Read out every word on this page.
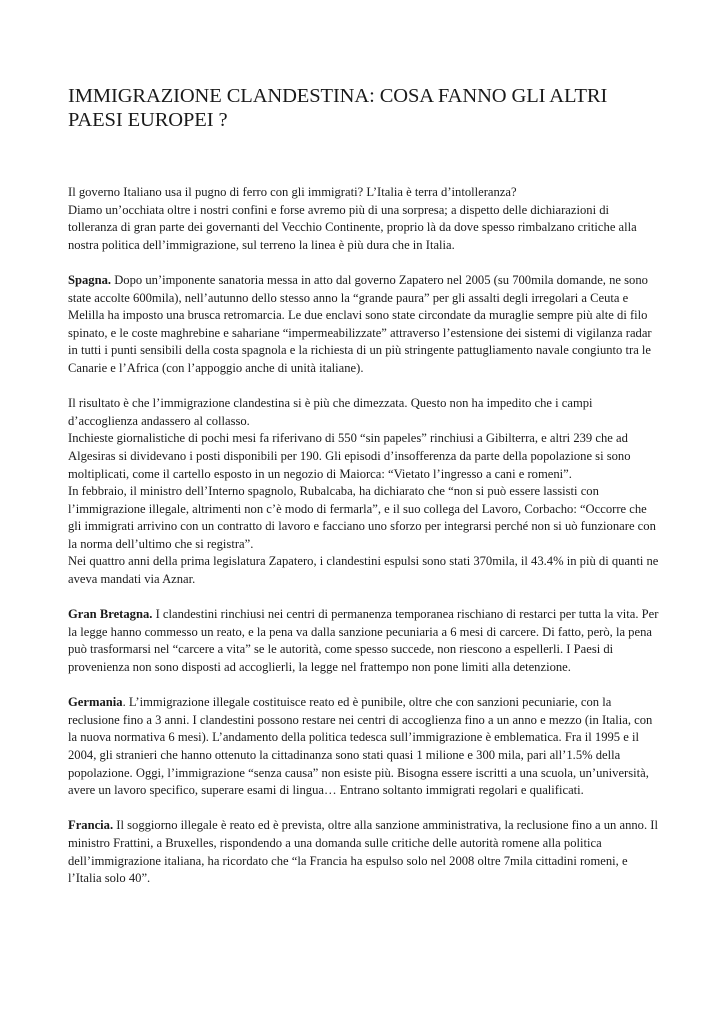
IMMIGRAZIONE CLANDESTINA: COSA FANNO GLI ALTRI PAESI EUROPEI ?

Il governo Italiano usa il pugno di ferro con gli immigrati? L’Italia è terra d’intolleranza?
Diamo un’occhiata oltre i nostri confini e forse avremo più di una sorpresa; a dispetto delle dichiarazioni di tolleranza di gran parte dei governanti del Vecchio Continente, proprio là da dove spesso rimbalzano critiche alla nostra politica dell’immigrazione, sul terreno la linea è più dura che in Italia.

Spagna. Dopo un’imponente sanatoria messa in atto dal governo Zapatero nel 2005 (su 700mila domande, ne sono state accolte 600mila), nell’autunno dello stesso anno la “grande paura” per gli assalti degli irregolari a Ceuta e Melilla ha imposto una brusca retromarcia. Le due enclavi sono state circondate da muraglie sempre più alte di filo spinato, e le coste maghrebine e sahariane “impermeabilizzate” attraverso l’estensione dei sistemi di vigilanza radar in tutti i punti sensibili della costa spagnola e la richiesta di un più stringente pattugliamento navale congiunto tra le Canarie e l’Africa (con l’appoggio anche di unità italiane).

Il risultato è che l’immigrazione clandestina si è più che dimezzata. Questo non ha impedito che i campi d’accoglienza andassero al collasso.
Inchieste giornalistiche di pochi mesi fa riferivano di 550 “sin papeles” rinchiusi a Gibilterra, e altri 239 che ad Algesiras si dividevano i posti disponibili per 190. Gli episodi d’insofferenza da parte della popolazione si sono moltiplicati, come il cartello esposto in un negozio di Maiorca: “Vietato l’ingresso a cani e romeni”.
In febbraio, il ministro dell’Interno spagnolo, Rubalcaba, ha dichiarato che “non si può essere lassisti con l’immigrazione illegale, altrimenti non c’è modo di fermarla”, e il suo collega del Lavoro, Corbacho: “Occorre che gli immigrati arrivino con un contratto di lavoro e facciano uno sforzo per integrarsi perché non si uò funzionare con la norma dell’ultimo che si registra”.
Nei quattro anni della prima legislatura Zapatero, i clandestini espulsi sono stati 370mila, il 43.4% in più di quanti ne aveva mandati via Aznar.

Gran Bretagna. I clandestini rinchiusi nei centri di permanenza temporanea rischiano di restarci per tutta la vita. Per la legge hanno commesso un reato, e la pena va dalla sanzione pecuniaria a 6 mesi di carcere. Di fatto, però, la pena può trasformarsi nel “carcere a vita” se le autorità, come spesso succede, non riescono a espellerli. I Paesi di provenienza non sono disposti ad accoglierli, la legge nel frattempo non pone limiti alla detenzione.

Germania. L’immigrazione illegale costituisce reato ed è punibile, oltre che con sanzioni pecuniarie, con la reclusione fino a 3 anni. I clandestini possono restare nei centri di accoglienza fino a un anno e mezzo (in Italia, con la nuova normativa 6 mesi). L’andamento della politica tedesca sull’immigrazione è emblematica. Fra il 1995 e il 2004, gli stranieri che hanno ottenuto la cittadinanza sono stati quasi 1 milione e 300 mila, pari all’1.5% della popolazione. Oggi, l’immigrazione “senza causa” non esiste più. Bisogna essere iscritti a una scuola, un’università, avere un lavoro specifico, superare esami di lingua… Entrano soltanto immigrati regolari e qualificati.

Francia. Il soggiorno illegale è reato ed è prevista, oltre alla sanzione amministrativa, la reclusione fino a un anno. Il ministro Frattini, a Bruxelles, rispondendo a una domanda sulle critiche delle autorità romene alla politica dell’immigrazione italiana, ha ricordato che “la Francia ha espulso solo nel 2008 oltre 7mila cittadini romeni, e l’Italia solo 40”.
